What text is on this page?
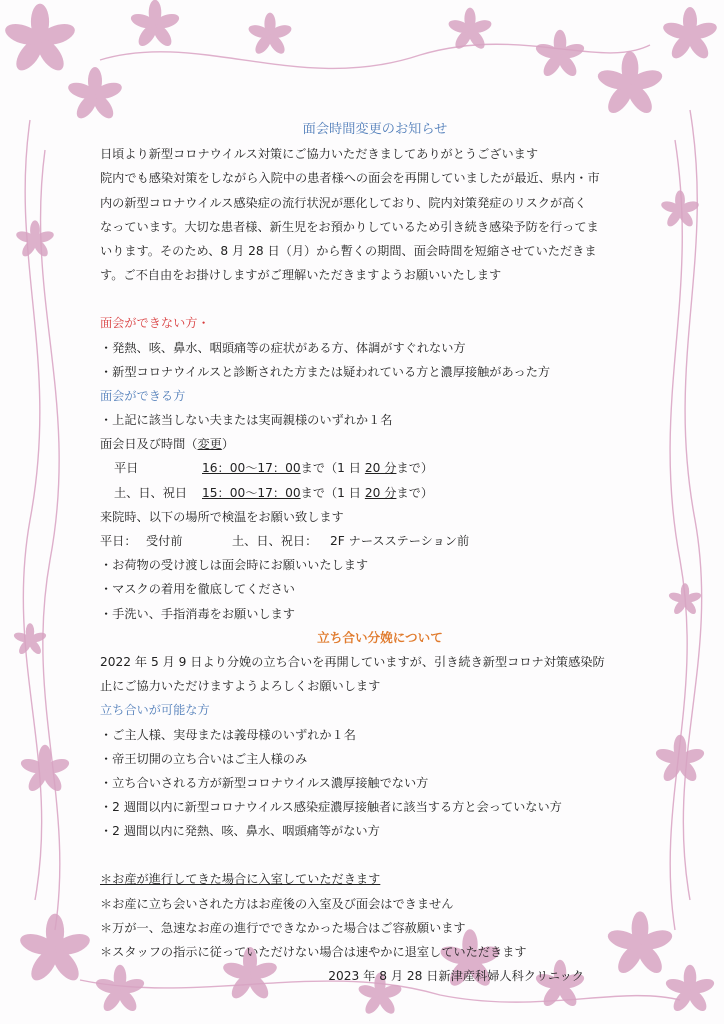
面会時間変更のお知らせ
日頃より新型コロナウイルス対策にご協力いただきましてありがとうございます
院内でも感染対策をしながら入院中の患者様への面会を再開していましたが最近、県内・市
内の新型コロナウイルス感染症の流行状況が悪化しており、院内対策発症のリスクが高く
なっています。大切な患者様、新生児をお預かりしているため引き続き感染予防を行ってま
いります。そのため、8 月 28 日（月）から暫くの期間、面会時間を短縮させていただきま
す。ご不自由をお掛けしますがご理解いただきますようお願いいたします
面会ができない方・
・発熱、咳、鼻水、咽頭痛等の症状がある方、体調がすぐれない方
・新型コロナウイルスと診断された方または疑われている方と濃厚接触があった方
面会ができる方
・上記に該当しない夫または実両親様のいずれか１名
面会日及び時間（変更）
平日	16：00～17：00まで（1 日 20 分まで）
土、日、祝日 15：00～17：00まで（1 日 20 分まで）
来院時、以下の場所で検温をお願い致します
平日： 受付前	土、日、祝日： 2F ナースステーション前
・お荷物の受け渡しは面会時にお願いいたします
・マスクの着用を徹底してください
・手洗い、手指消毒をお願いします
立ち合い分娩について
2022 年 5 月 9 日より分娩の立ち合いを再開していますが、引き続き新型コロナ対策感染防
止にご協力いただけますようよろしくお願いします
立ち合いが可能な方
・ご主人様、実母または義母様のいずれか１名
・帝王切開の立ち合いはご主人様のみ
・立ち合いされる方が新型コロナウイルス濃厚接触でない方
・2 週間以内に新型コロナウイルス感染症濃厚接触者に該当する方と会っていない方
・2 週間以内に発熱、咳、鼻水、咽頭痛等がない方
＊お産が進行してきた場合に入室していただきます
＊お産に立ち会いされた方はお産後の入室及び面会はできません
＊万が一、急速なお産の進行でできなかった場合はご容赦願います
＊スタッフの指示に従っていただけない場合は速やかに退室していただきます
2023 年 8 月 28 日新津産科婦人科クリニック
